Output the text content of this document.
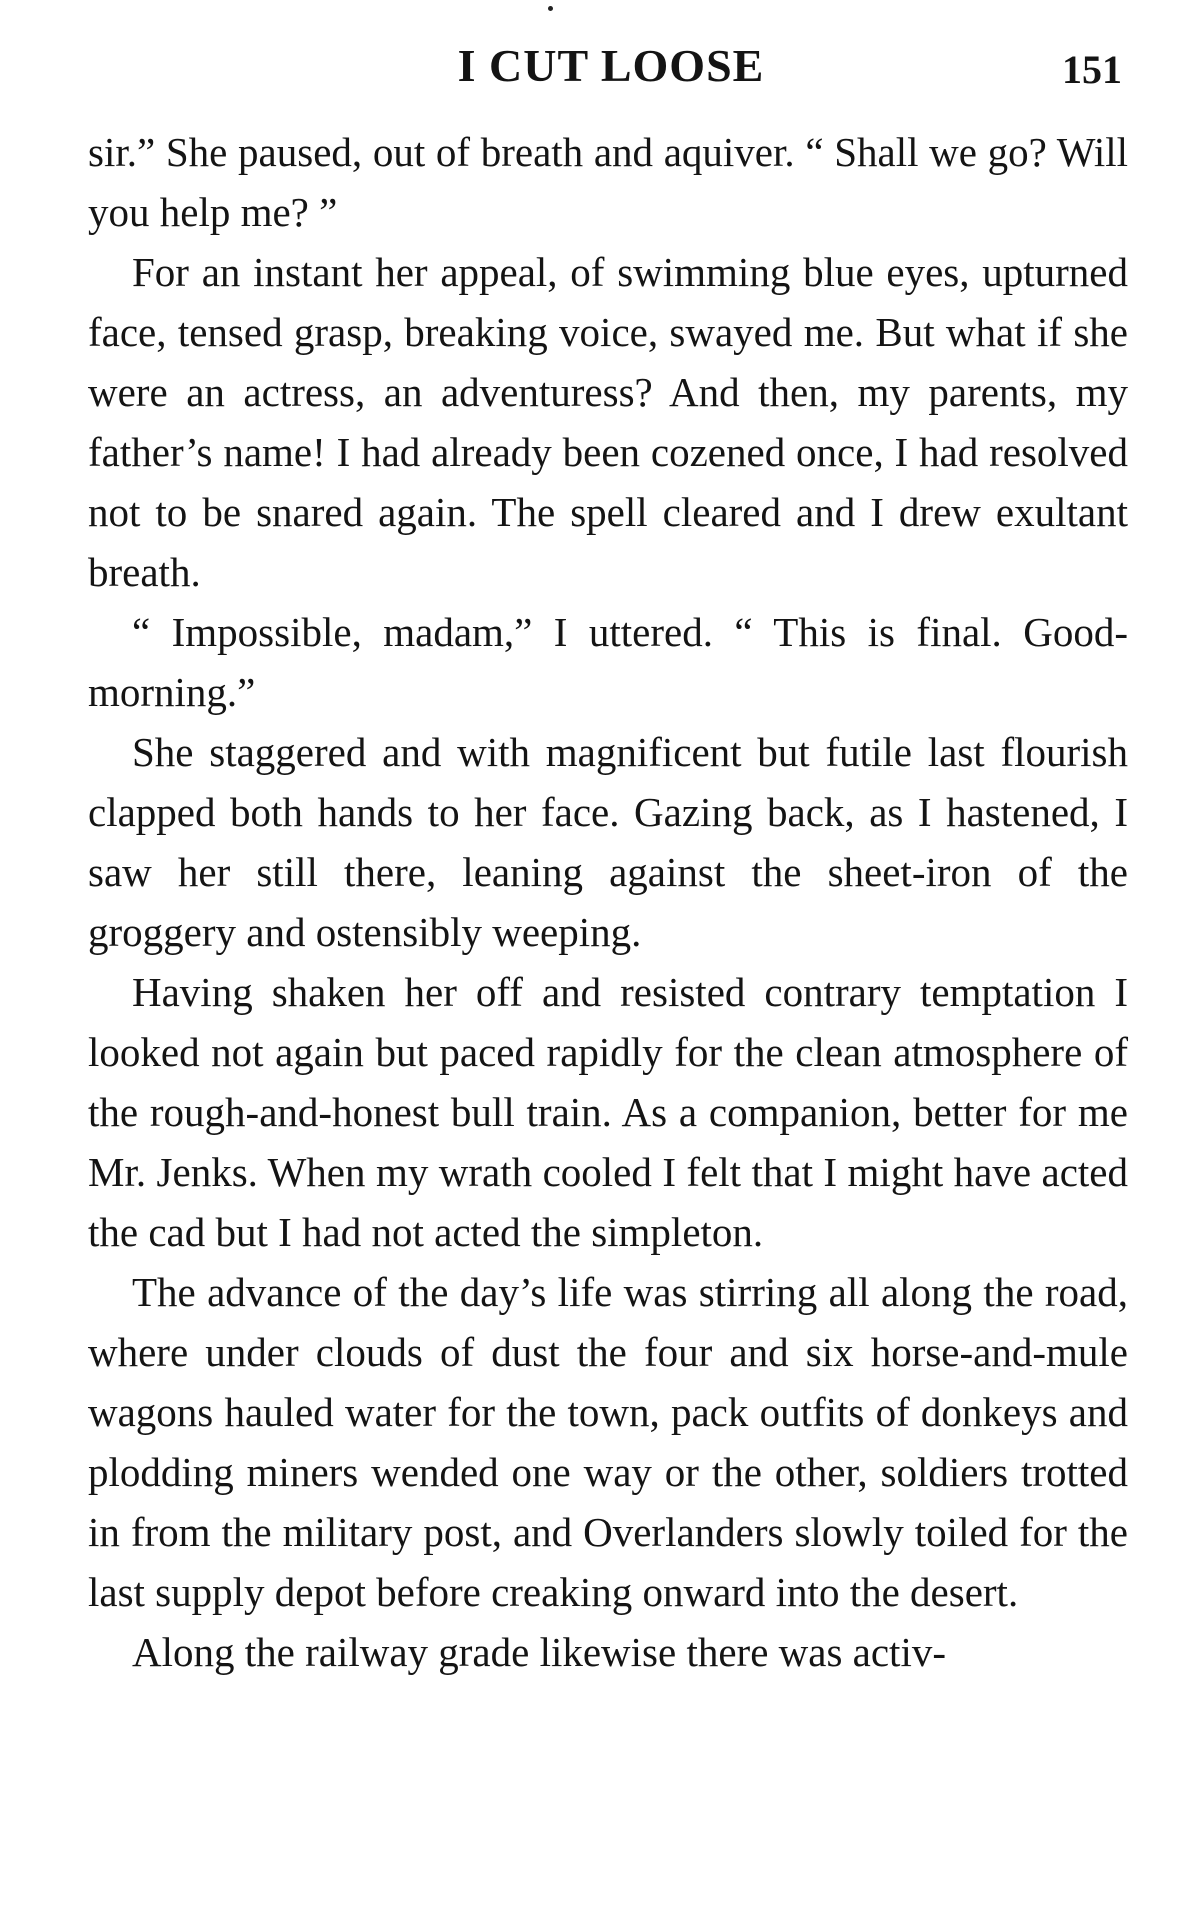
I CUT LOOSE	151

sir.” She paused, out of breath and aquiver. “ Shall we go? Will you help me? ”

For an instant her appeal, of swimming blue eyes, upturned face, tensed grasp, breaking voice, swayed me. But what if she were an actress, an adventuress? And then, my parents, my father’s name! I had already been cozened once, I had resolved not to be snared again. The spell cleared and I drew exultant breath.

“ Impossible, madam,” I uttered. “ This is final. Good-morning.”

She staggered and with magnificent but futile last flourish clapped both hands to her face. Gazing back, as I hastened, I saw her still there, leaning against the sheet-iron of the groggery and ostensibly weeping.

Having shaken her off and resisted contrary temptation I looked not again but paced rapidly for the clean atmosphere of the rough-and-honest bull train. As a companion, better for me Mr. Jenks. When my wrath cooled I felt that I might have acted the cad but I had not acted the simpleton.

The advance of the day’s life was stirring all along the road, where under clouds of dust the four and six horse-and-mule wagons hauled water for the town, pack outfits of donkeys and plodding miners wended one way or the other, soldiers trotted in from the military post, and Overlanders slowly toiled for the last supply depot before creaking onward into the desert.

Along the railway grade likewise there was activ-
